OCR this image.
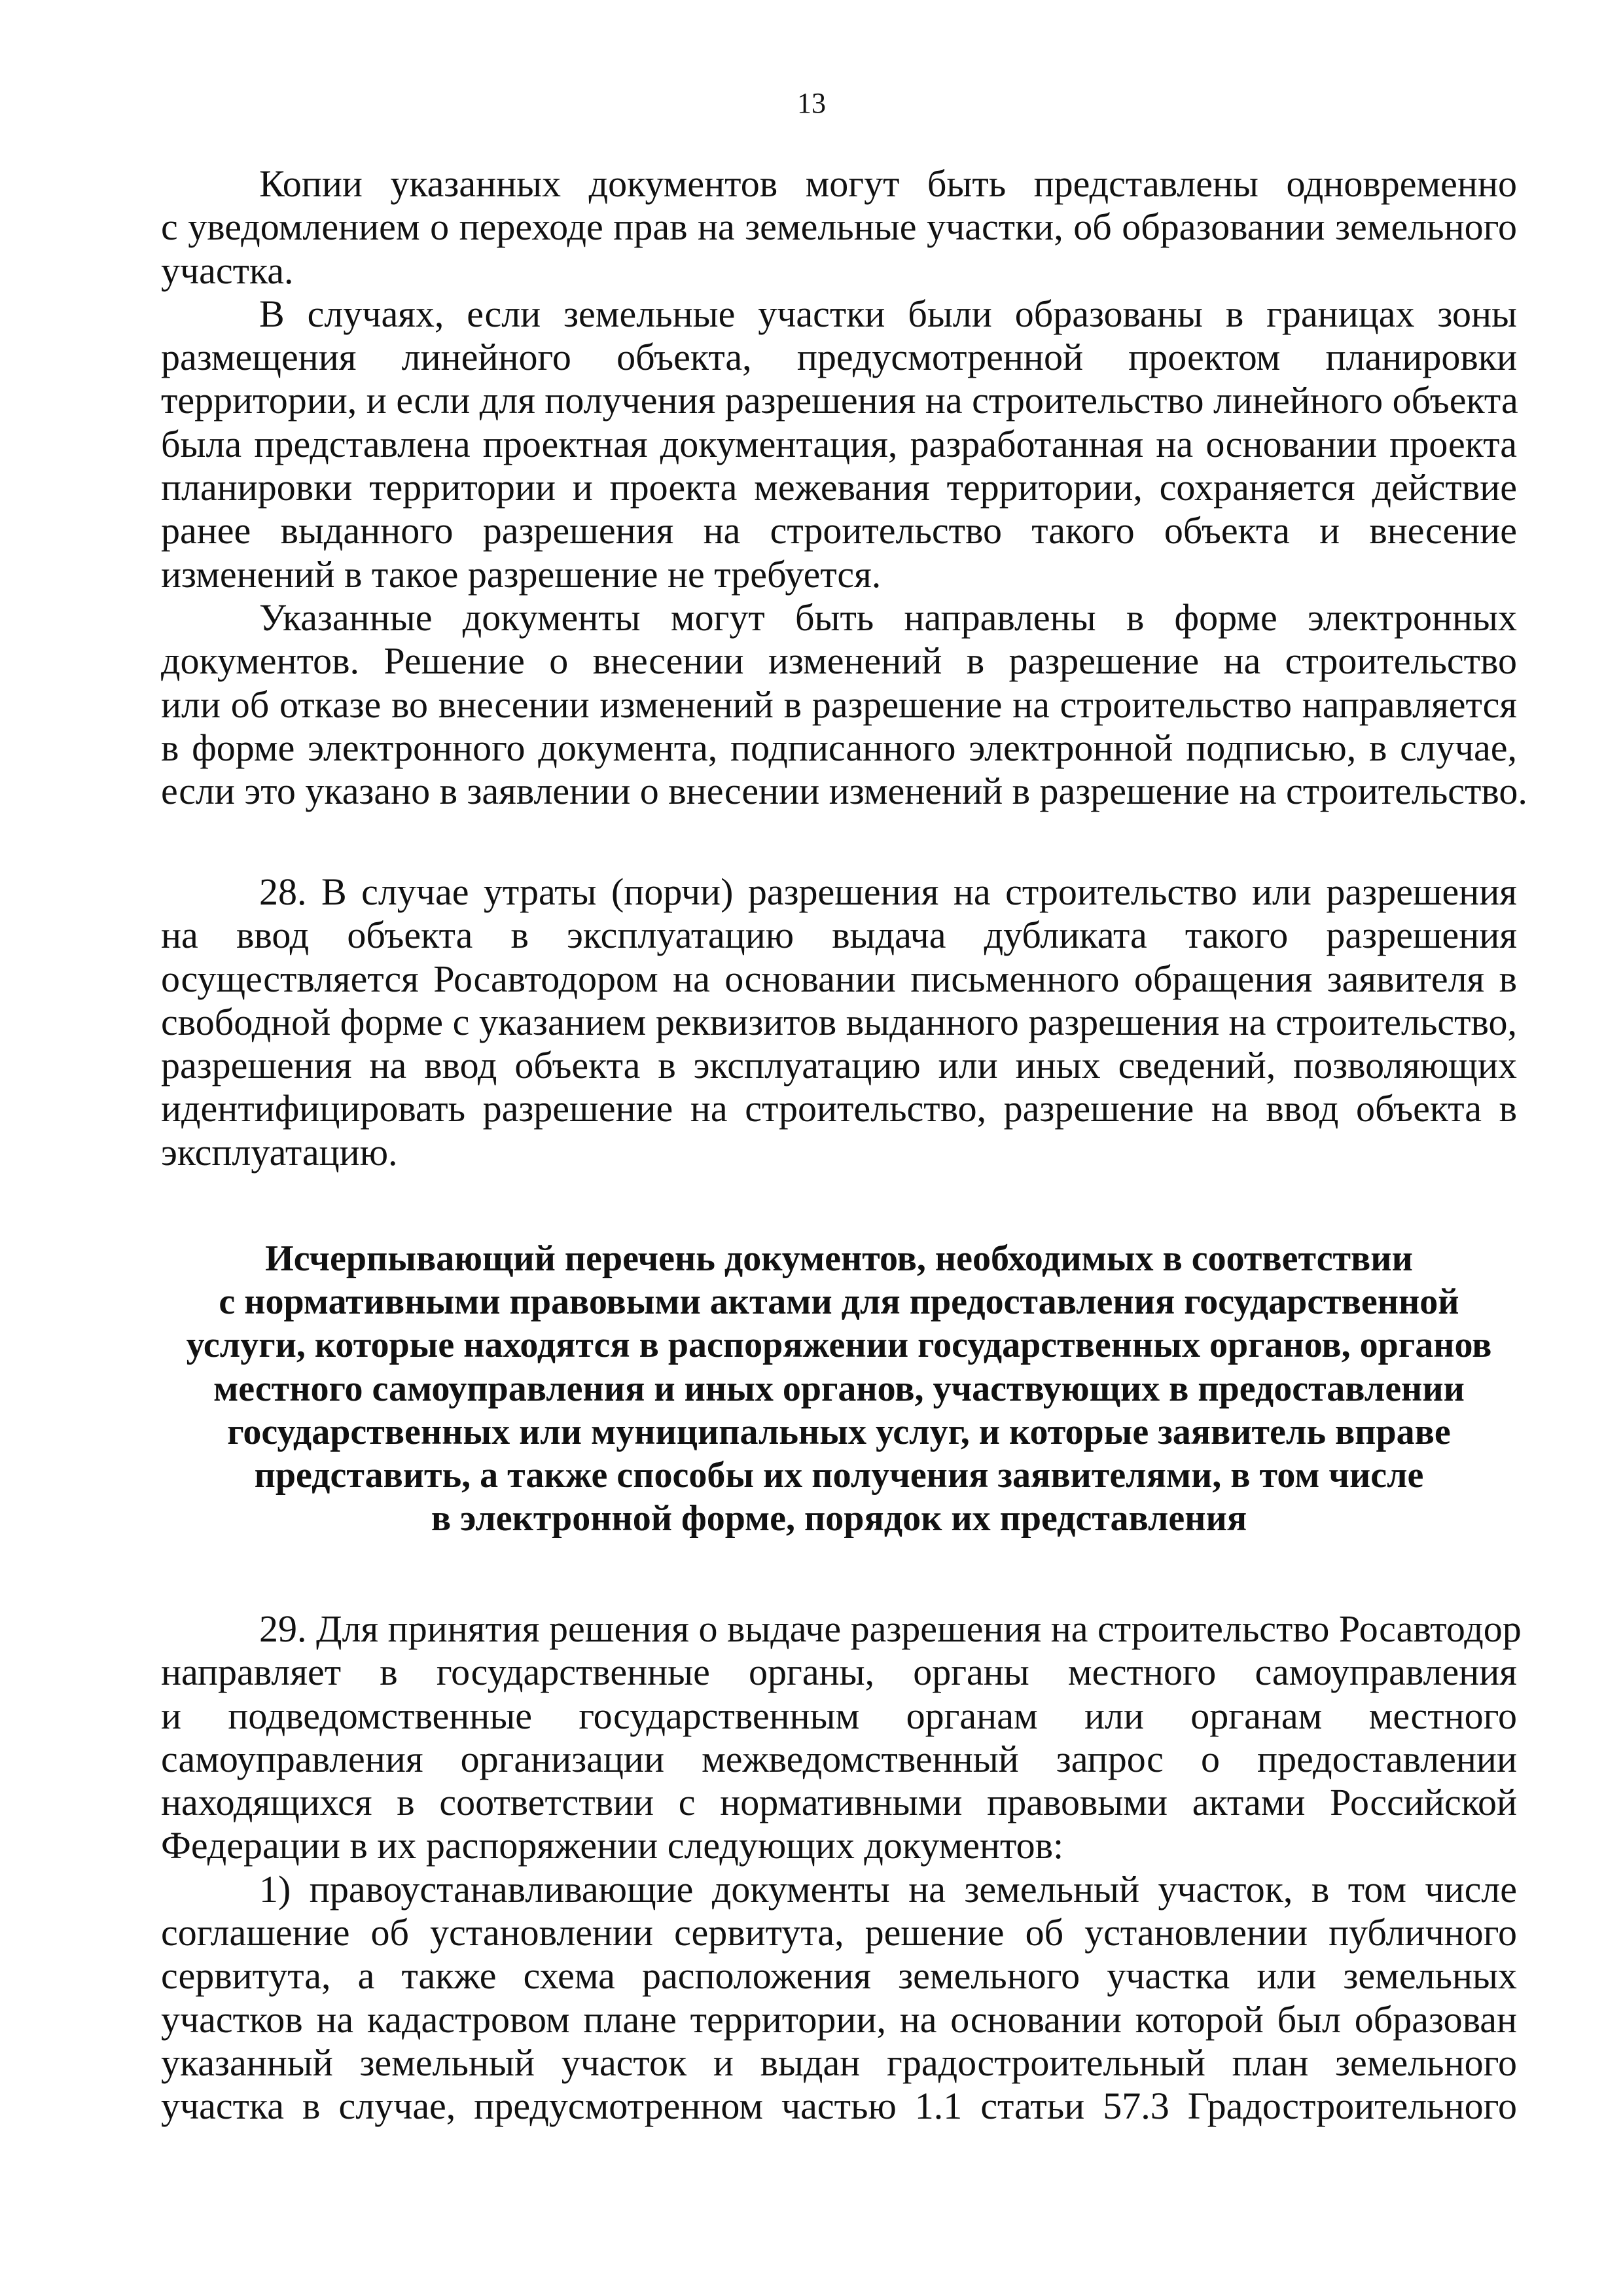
13
Копии указанных документов могут быть представлены одновременно
с уведомлением о переходе прав на земельные участки, об образовании земельного
участка.
В случаях, если земельные участки были образованы в границах зоны
размещения линейного объекта, предусмотренной проектом планировки
территории, и если для получения разрешения на строительство линейного объекта
была представлена проектная документация, разработанная на основании проекта
планировки территории и проекта межевания территории, сохраняется действие
ранее выданного разрешения на строительство такого объекта и внесение
изменений в такое разрешение не требуется.
Указанные документы могут быть направлены в форме электронных
документов. Решение о внесении изменений в разрешение на строительство
или об отказе во внесении изменений в разрешение на строительство направляется
в форме электронного документа, подписанного электронной подписью, в случае,
если это указано в заявлении о внесении изменений в разрешение на строительство.
28. В случае утраты (порчи) разрешения на строительство или разрешения
на ввод объекта в эксплуатацию выдача дубликата такого разрешения
осуществляется Росавтодором на основании письменного обращения заявителя в
свободной форме с указанием реквизитов выданного разрешения на строительство,
разрешения на ввод объекта в эксплуатацию или иных сведений, позволяющих
идентифицировать разрешение на строительство, разрешение на ввод объекта в
эксплуатацию.
Исчерпывающий перечень документов, необходимых в соответствии
с нормативными правовыми актами для предоставления государственной
услуги, которые находятся в распоряжении государственных органов, органов
местного самоуправления и иных органов, участвующих в предоставлении
государственных или муниципальных услуг, и которые заявитель вправе
представить, а также способы их получения заявителями, в том числе
в электронной форме, порядок их представления
29. Для принятия решения о выдаче разрешения на строительство Росавтодор
направляет в государственные органы, органы местного самоуправления
и подведомственные государственным органам или органам местного
самоуправления организации межведомственный запрос о предоставлении
находящихся в соответствии с нормативными правовыми актами Российской
Федерации в их распоряжении следующих документов:
1) правоустанавливающие документы на земельный участок, в том числе
соглашение об установлении сервитута, решение об установлении публичного
сервитута, а также схема расположения земельного участка или земельных
участков на кадастровом плане территории, на основании которой был образован
указанный земельный участок и выдан градостроительный план земельного
участка в случае, предусмотренном частью 1.1 статьи 57.3 Градостроительного
